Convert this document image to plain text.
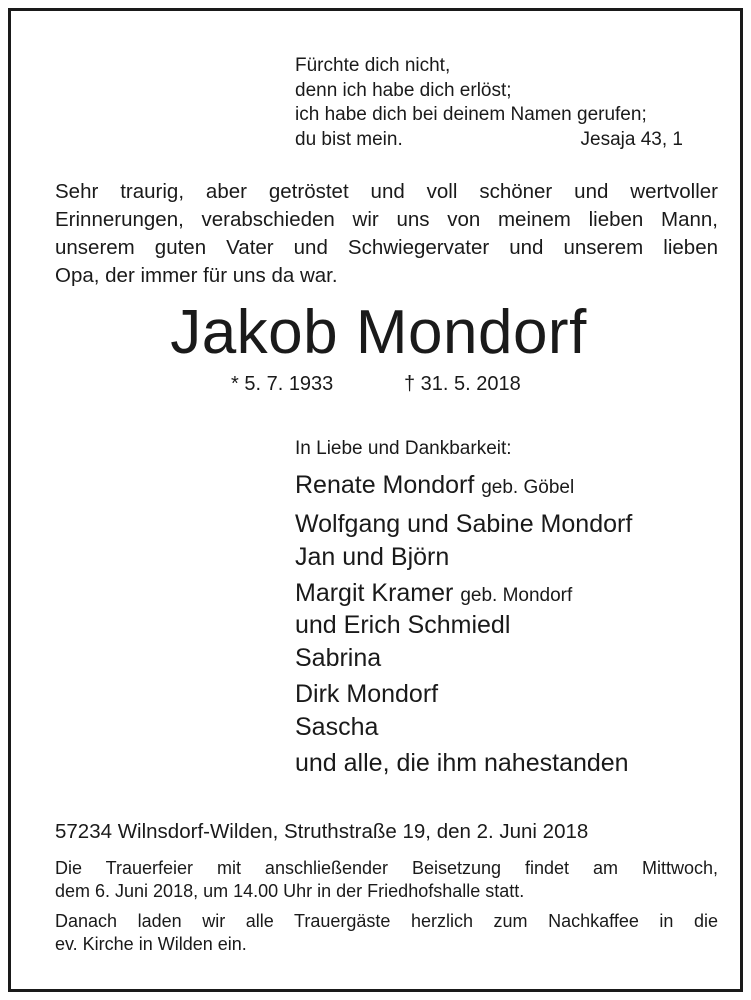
Fürchte dich nicht,
denn ich habe dich erlöst;
ich habe dich bei deinem Namen gerufen;
du bist mein.	Jesaja 43, 1
Sehr traurig, aber getröstet und voll schöner und wertvoller
Erinnerungen, verabschieden wir uns von meinem lieben Mann,
unserem guten Vater und Schwiegervater und unserem lieben
Opa, der immer für uns da war.
Jakob Mondorf
* 5. 7. 1933	† 31. 5. 2018
In Liebe und Dankbarkeit:
Renate Mondorf geb. Göbel
Wolfgang und Sabine Mondorf
Jan und Björn
Margit Kramer geb. Mondorf
und Erich Schmiedl
Sabrina
Dirk Mondorf
Sascha
und alle, die ihm nahestanden
57234 Wilnsdorf-Wilden, Struthstraße 19, den 2. Juni 2018
Die Trauerfeier mit anschließender Beisetzung findet am Mittwoch,
dem 6. Juni 2018, um 14.00 Uhr in der Friedhofshalle statt.
Danach laden wir alle Trauergäste herzlich zum Nachkaffee in die
ev. Kirche in Wilden ein.
